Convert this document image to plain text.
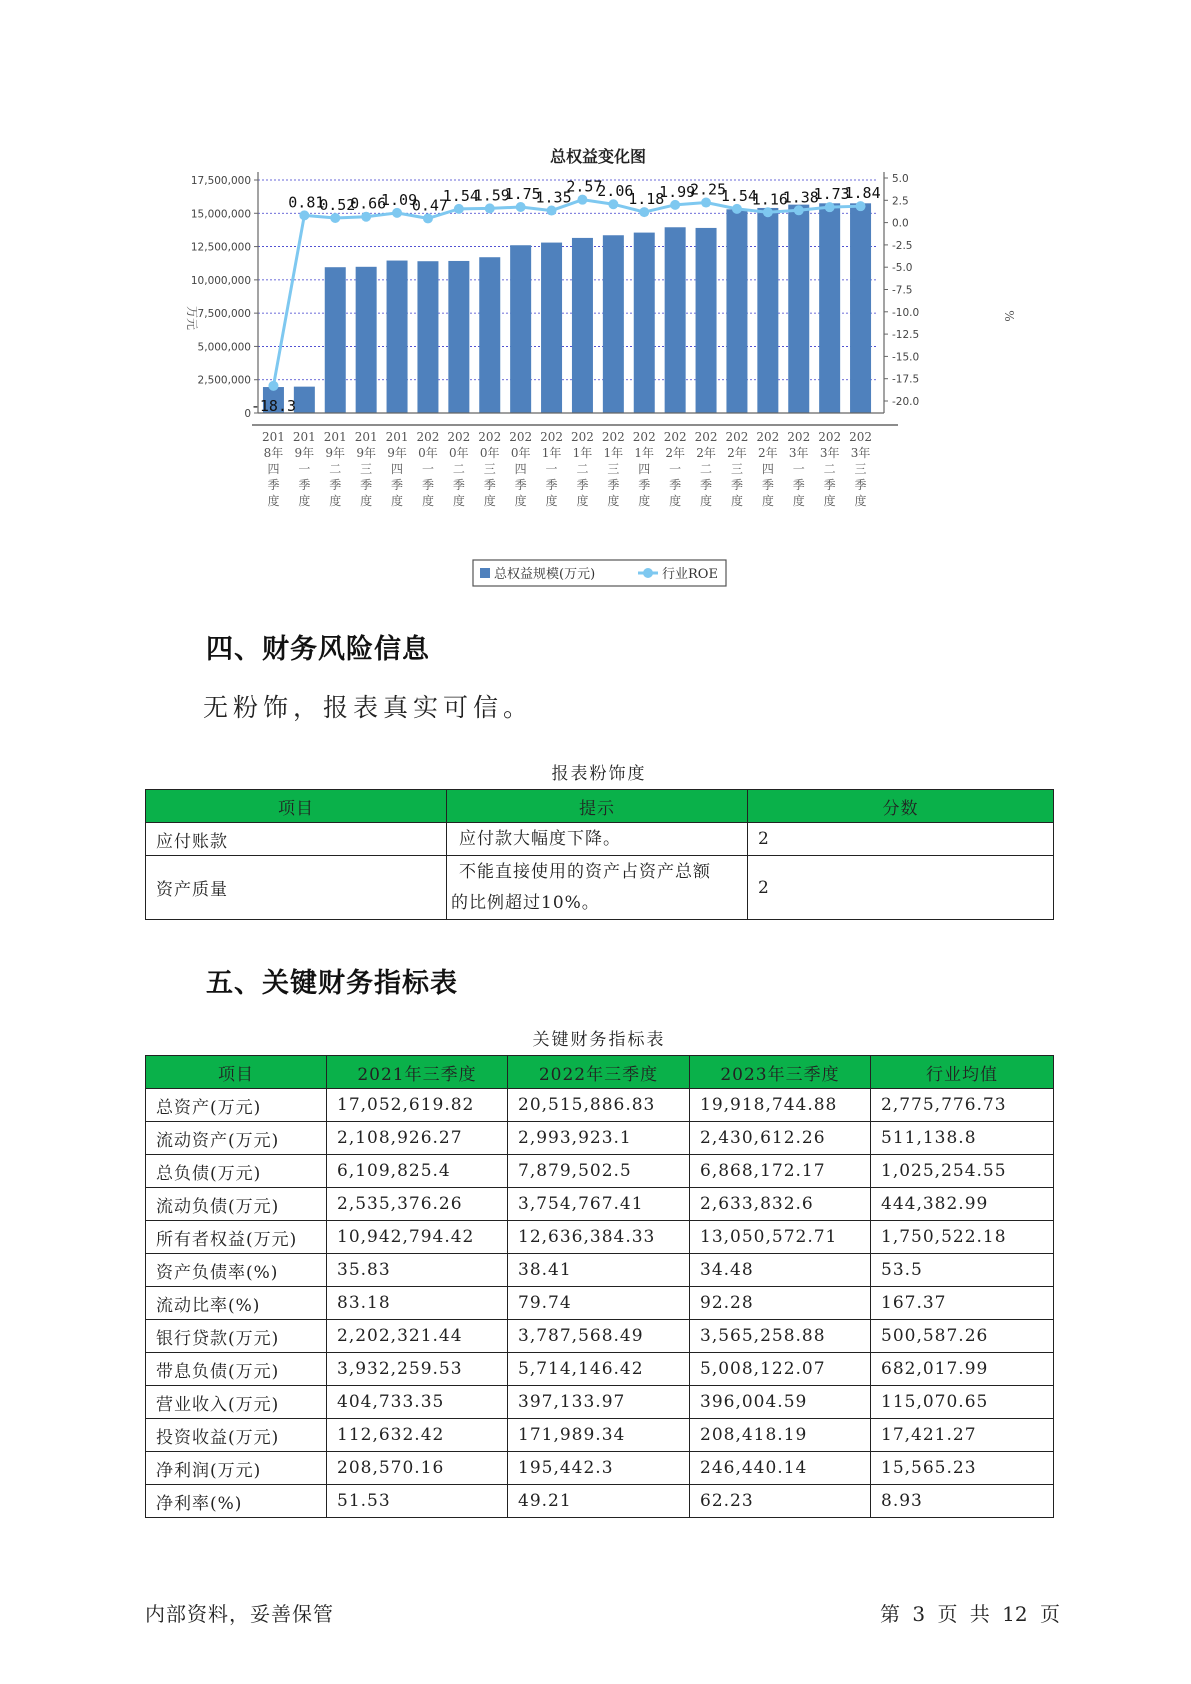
总权益变化图
17,500,000
15,000,000
12,500,000
10,000,000
7,500,000
5,000,000
2,500,000
0
5.0
2.5
0.0
-2.5
-5.0
-7.5
-10.0
-12.5
-15.0
-17.5
-20.0
-18.3
0.81
0.52
0.66
1.09
0.47
1.54
1.59
1.75
1.35
2.57
2.06
1.18
1.99
2.25
1.54
1.16
1.38
1.73
1.84
201
8年
四
季
度
201
9年
一
季
度
201
9年
二
季
度
201
9年
三
季
度
201
9年
四
季
度
202
0年
一
季
度
202
0年
二
季
度
202
0年
三
季
度
202
0年
四
季
度
202
1年
一
季
度
202
1年
二
季
度
202
1年
三
季
度
202
1年
四
季
度
202
2年
一
季
度
202
2年
二
季
度
202
2年
三
季
度
202
2年
四
季
度
202
3年
一
季
度
202
3年
二
季
度
202
3年
三
季
度
万元	%
总权益规模(万元)	行业ROE
四、财务风险信息
无粉饰，报表真实可信。
报表粉饰度
项目	提示	分数
应付账款	应付款大幅度下降。	2
资产质量	不能直接使用的资产占资产总额
的比例超过10%。	2
五、关键财务指标表
关键财务指标表
项目	2021年三季度	2022年三季度	2023年三季度	行业均值
总资产(万元)	17,052,619.82	20,515,886.83	19,918,744.88	2,775,776.73
流动资产(万元)	2,108,926.27	2,993,923.1	2,430,612.26	511,138.8
总负债(万元)	6,109,825.4	7,879,502.5	6,868,172.17	1,025,254.55
流动负债(万元)	2,535,376.26	3,754,767.41	2,633,832.6	444,382.99
所有者权益(万元)	10,942,794.42	12,636,384.33	13,050,572.71	1,750,522.18
资产负债率(%)	35.83	38.41	34.48	53.5
流动比率(%)	83.18	79.74	92.28	167.37
银行贷款(万元)	2,202,321.44	3,787,568.49	3,565,258.88	500,587.26
带息负债(万元)	3,932,259.53	5,714,146.42	5,008,122.07	682,017.99
营业收入(万元)	404,733.35	397,133.97	396,004.59	115,070.65
投资收益(万元)	112,632.42	171,989.34	208,418.19	17,421.27
净利润(万元)	208,570.16	195,442.3	246,440.14	15,565.23
净利率(%)	51.53	49.21	62.23	8.93
内部资料，妥善保管	第 3 页 共 12 页
